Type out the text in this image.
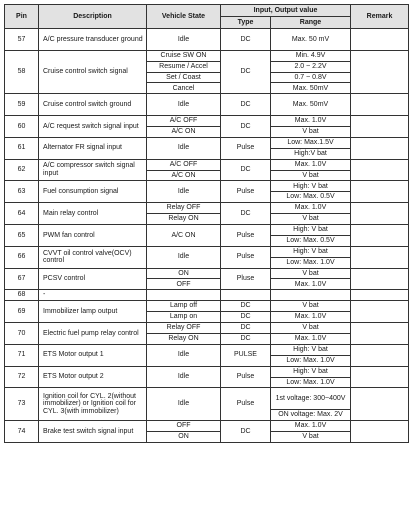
Pin	Description	Vehicle State	Input, Output value		Remark
			Type	Range	
57	A/C pressure transducer ground	Idle	DC	Max. 50 mV	

58	Cruise control switch signal	Cruise SW ON	DC	Min. 4.9V	
		Resume / Accel		2.0 ~ 2.2V	
		Set / Coast		0.7 ~ 0.8V	
		Cancel		Max. 50mV	
59	Cruise control switch ground	Idle	DC	Max. 50mV	

60	A/C request switch signal input	A/C OFF	DC	Max. 1.0V	
		A/C ON		V bat	
61	Alternator FR signal input	Idle	Pulse	Low: Max.1.5V	
				High:V bat	
62	A/C compressor switch signal input	A/C OFF	DC	Max. 1.0V	
		A/C ON		V bat	
63	Fuel consumption signal	Idle	Pulse	High: V bat	
				Low: Max. 0.5V	
64	Main relay control	Relay OFF	DC	Max. 1.0V	
		Relay ON		V bat	
65	PWM fan control	A/C ON	Pulse	High: V bat	
				Low: Max. 0.5V	
66	CVVT oil control valve(OCV) control	Idle	Pulse	High: V bat	
				Low: Max. 1.0V	
67	PCSV control	ON	Pluse	V bat	
		OFF		Max. 1.0V	
68	-				
69	Immobilizer lamp output	Lamp off	DC	V bat	
		Lamp on	DC	Max. 1.0V	
70	Electric fuel pump relay control	Relay OFF	DC	V bat	
		Relay ON	DC	Max. 1.0V	
71	ETS Motor output 1	Idle	PULSE	High: V bat	
				Low: Max. 1.0V	
72	ETS Motor output 2	Idle	Pulse	High: V bat	
				Low: Max. 1.0V	
73	Ignition coil for CYL. 2(without immobilizer) or Ignition coil for CYL. 3(with immobilizer)	Idle	Pulse	1st voltage: 300~400V	

				ON voltage: Max. 2V	
74	Brake test switch signal input	OFF	DC	Max. 1.0V	
		ON		V bat	
